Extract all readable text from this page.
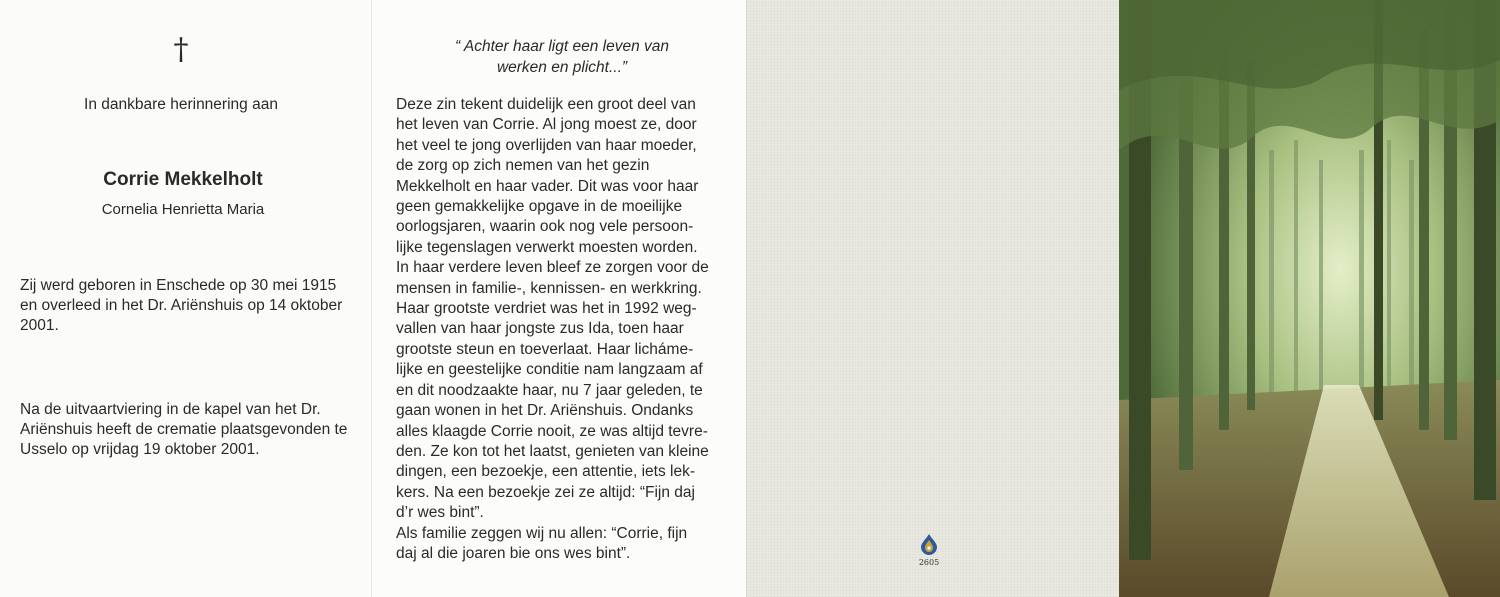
†
In dankbare herinnering aan
Corrie Mekkelholt
Cornelia Henrietta Maria

Zij werd geboren in Enschede op 30 mei 1915 en overleed in het Dr. Ariënshuis op 14 oktober 2001.

Na de uitvaartviering in de kapel van het Dr. Ariënshuis heeft de crematie plaatsgevonden te Usselo op vrijdag 19 oktober 2001.

“ Achter haar ligt een leven van
werken en plicht...”

Deze zin tekent duidelijk een groot deel van
het leven van Corrie. Al jong moest ze, door
het veel te jong overlijden van haar moeder,
de zorg op zich nemen van het gezin
Mekkelholt en haar vader. Dit was voor haar
geen gemakkelijke opgave in de moeilijke
oorlogsjaren, waarin ook nog vele persoon-
lijke tegenslagen verwerkt moesten worden.
In haar verdere leven bleef ze zorgen voor de
mensen in familie-, kennissen- en werkkring.
Haar grootste verdriet was het in 1992 weg-
vallen van haar jongste zus Ida, toen haar
grootste steun en toeverlaat. Haar licháme-
lijke en geestelijke conditie nam langzaam af
en dit noodzaakte haar, nu 7 jaar geleden, te
gaan wonen in het Dr. Ariënshuis. Ondanks
alles klaagde Corrie nooit, ze was altijd tevre-
den. Ze kon tot het laatst, genieten van kleine
dingen, een bezoekje, een attentie, iets lek-
kers. Na een bezoekje zei ze altijd: “Fijn daj
d’r wes bint”.
Als familie zeggen wij nu allen: “Corrie, fijn
daj al die joaren bie ons wes bint”.

2605
